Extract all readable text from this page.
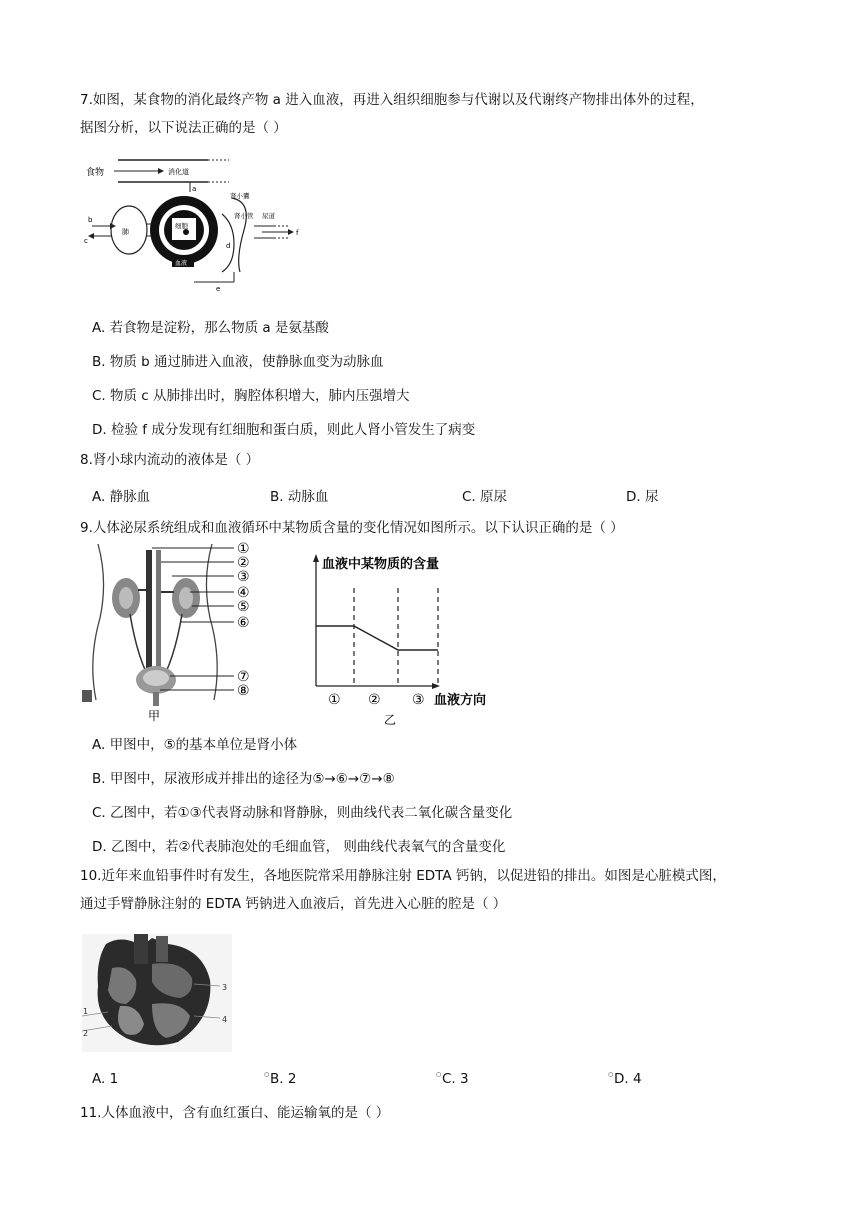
7.如图，某食物的消化最终产物 a 进入血液，再进入组织细胞参与代谢以及代谢终产物排出体外的过程，
据图分析，以下说法正确的是（ ）
食物	消化道
a
细胞
血液
肺
b
c
肾小囊
肾小管 尿道
f
d
e
A. 若食物是淀粉，那么物质 a 是氨基酸
B. 物质 b 通过肺进入血液，使静脉血变为动脉血
C. 物质 c 从肺排出时，胸腔体积增大，肺内压强增大
D. 检验 f 成分发现有红细胞和蛋白质，则此人肾小管发生了病变
8.肾小球内流动的液体是（ ）
A. 静脉血	B. 动脉血	C. 原尿	D. 尿
9.人体泌尿系统组成和血液循环中某物质含量的变化情况如图所示。以下认识正确的是（ ）
①
②
③
④
⑤
⑥
⑦
⑧
甲
血液中某物质的含量
① ② ③ 血液方向
乙
A. 甲图中，⑤的基本单位是肾小体
B. 甲图中，尿液形成并排出的途径为⑤→⑥→⑦→⑧
C. 乙图中，若①③代表肾动脉和肾静脉，则曲线代表二氧化碳含量变化
D. 乙图中，若②代表肺泡处的毛细血管， 则曲线代表氧气的含量变化
10.近年来血铅事件时有发生，各地医院常采用静脉注射 EDTA 钙钠，以促进铅的排出。如图是心脏模式图，
通过手臂静脉注射的 EDTA 钙钠进入血液后，首先进入心脏的腔是（ ）
1
2
3
4
A. 1	○ B. 2	○ C. 3	○ D. 4
11.人体血液中，含有血红蛋白、能运输氧的是（ ）
